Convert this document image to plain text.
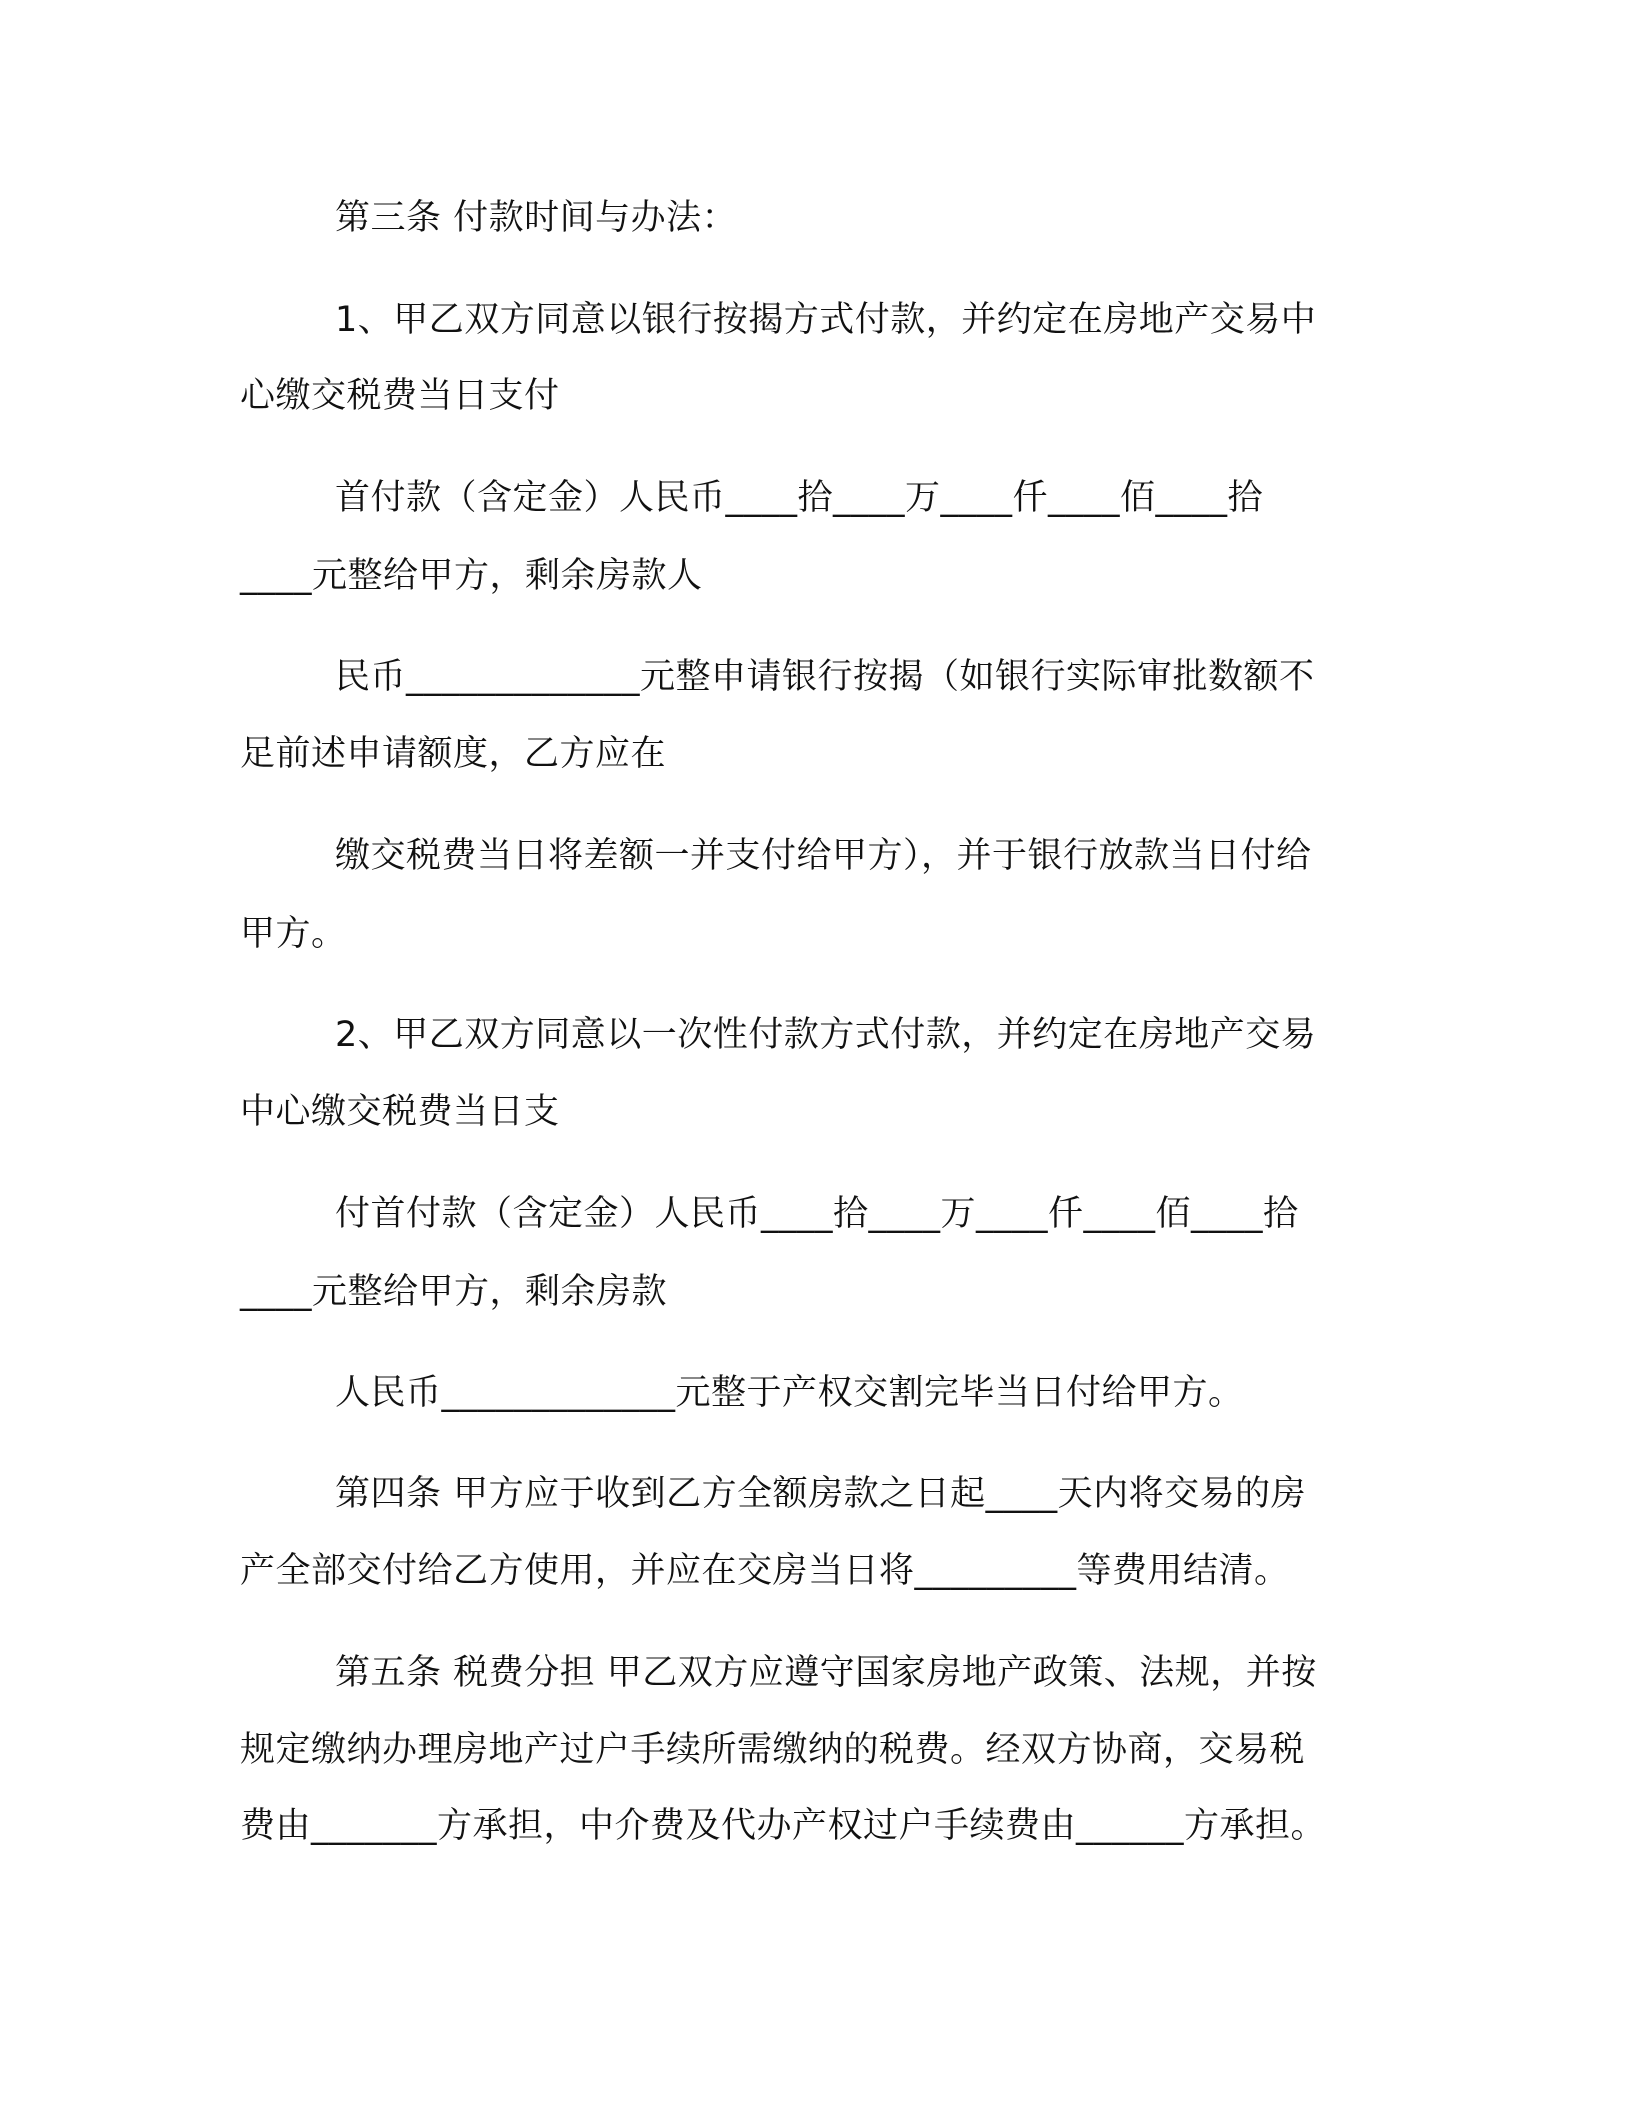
第三条 付款时间与办法：
1、甲乙双方同意以银行按揭方式付款，并约定在房地产交易中
心缴交税费当日支付
首付款（含定金）人民币____拾____万____仟____佰____拾
____元整给甲方，剩余房款人
民币_____________元整申请银行按揭（如银行实际审批数额不
足前述申请额度，乙方应在
缴交税费当日将差额一并支付给甲方），并于银行放款当日付给
甲方。
2、甲乙双方同意以一次性付款方式付款，并约定在房地产交易
中心缴交税费当日支
付首付款（含定金）人民币____拾____万____仟____佰____拾
____元整给甲方，剩余房款
人民币_____________元整于产权交割完毕当日付给甲方。
第四条 甲方应于收到乙方全额房款之日起____天内将交易的房
产全部交付给乙方使用，并应在交房当日将_________等费用结清。
第五条 税费分担 甲乙双方应遵守国家房地产政策、法规，并按
规定缴纳办理房地产过户手续所需缴纳的税费。经双方协商，交易税
费由_______方承担，中介费及代办产权过户手续费由______方承担。
